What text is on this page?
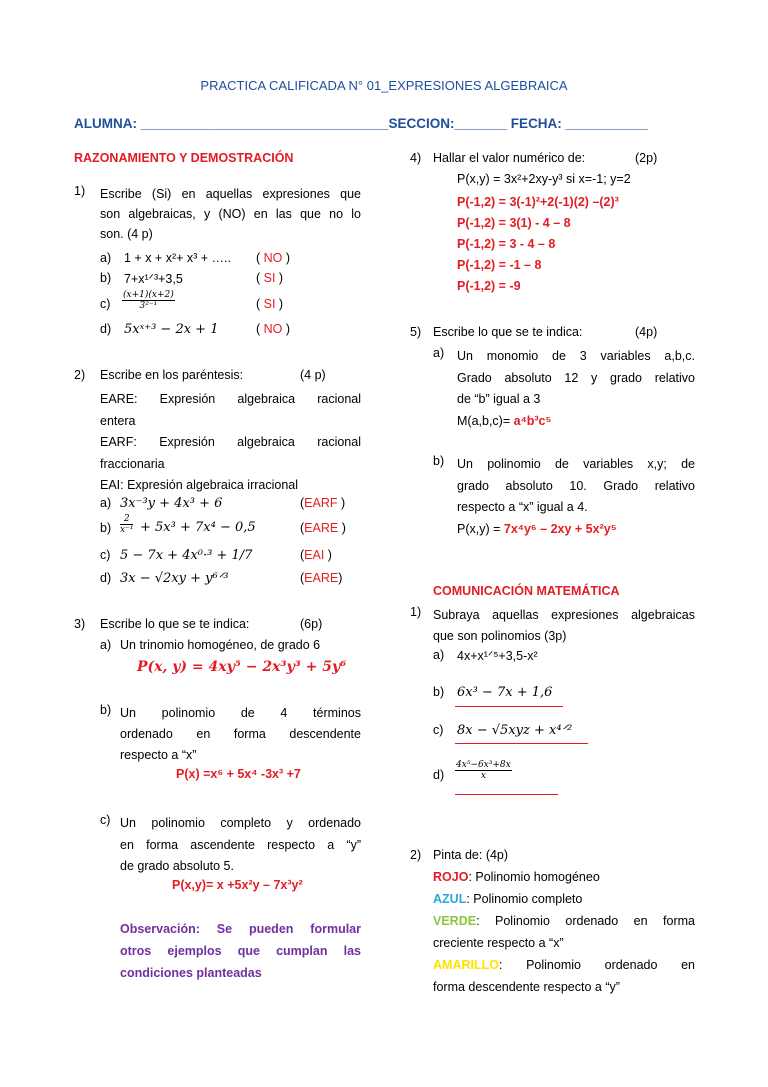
PRACTICA CALIFICADA N° 01_EXPRESIONES ALGEBRAICA
ALUMNA: _________________________________SECCION:_______ FECHA: ___________
RAZONAMIENTO Y DEMOSTRACIÓN
1) Escribe (Si) en aquellas expresiones que
son algebraicas, y (NO) en las que no lo
son. (4 p)
a) 1 + x + x²+ x³ + ….. ( NO )
b) 7+x¹ᐟ³+3,5	( SI )
$c) \frac{(x+1)(x+2)}{\text{3²⁻¹}}$	( SI )
d) 5xˣ⁺³ − 2x + 1	( NO )
2) Escribe en los paréntesis:	(4 p)
EARE: Expresión algebraica racional
entera
EARF: Expresión algebraica racional
fraccionaria
EAI: Expresión algebraica irracional
a) 3x⁻³y + 4x³ + 6	(EARF )
$b) \frac{2}{\text{x⁻¹}} + 5x^3 + 7x^4 - 0,5$	(EARE )
c) 5 − 7x + 4x⁰·³ + 1/7	(EAI )
d) 3x − √2xy + y⁶ᐟ³	(EARE)
3) Escribe lo que se te indica:	(6p)
a) Un trinomio homogéneo, de grado 6
P(x, y) = 4xy⁵ − 2x³y³ + 5y⁶
b) Un polinomio de 4 términos
ordenado en forma descendente
respecto a “x”
P(x) =x⁶ + 5x⁴ -3x³ +7
c) Un polinomio completo y ordenado
en forma ascendente respecto a “y”
de grado absoluto 5.
P(x,y)= x +5x²y – 7x³y²
Observación: Se pueden formular
otros ejemplos que cumplan las
condiciones planteadas
4) Hallar el valor numérico de:	(2p)
P(x,y) = 3x²+2xy-y³ si x=-1; y=2
P(-1,2) = 3(-1)²+2(-1)(2) –(2)³
P(-1,2) = 3(1) - 4 – 8
P(-1,2) = 3 - 4 – 8
P(-1,2) = -1 – 8
P(-1,2) = -9
5) Escribe lo que se te indica:	(4p)
a) Un monomio de 3 variables a,b,c.
Grado absoluto 12 y grado relativo
de “b” igual a 3
M(a,b,c)= a⁴b³c⁵
b) Un polinomio de variables x,y; de
grado absoluto 10. Grado relativo
respecto a “x” igual a 4.
P(x,y) = 7x⁴y⁶ – 2xy + 5x²y⁵
COMUNICACIÓN MATEMÁTICA
1) Subraya aquellas expresiones algebraicas
que son polinomios (3p)
a) 4x+x¹ᐟ⁵+3,5-x²
b) 6x³ − 7x + 1,6
c) 8x − √5xyz + x⁴ᐟ²
$d) \frac{\text{4x⁵−6x³+8x}}{x}$
2) Pinta de: (4p)
ROJO: Polinomio homogéneo
AZUL: Polinomio completo
VERDE: Polinomio ordenado en forma
creciente respecto a “x”
AMARILLO: Polinomio ordenado en
forma descendente respecto a “y”
